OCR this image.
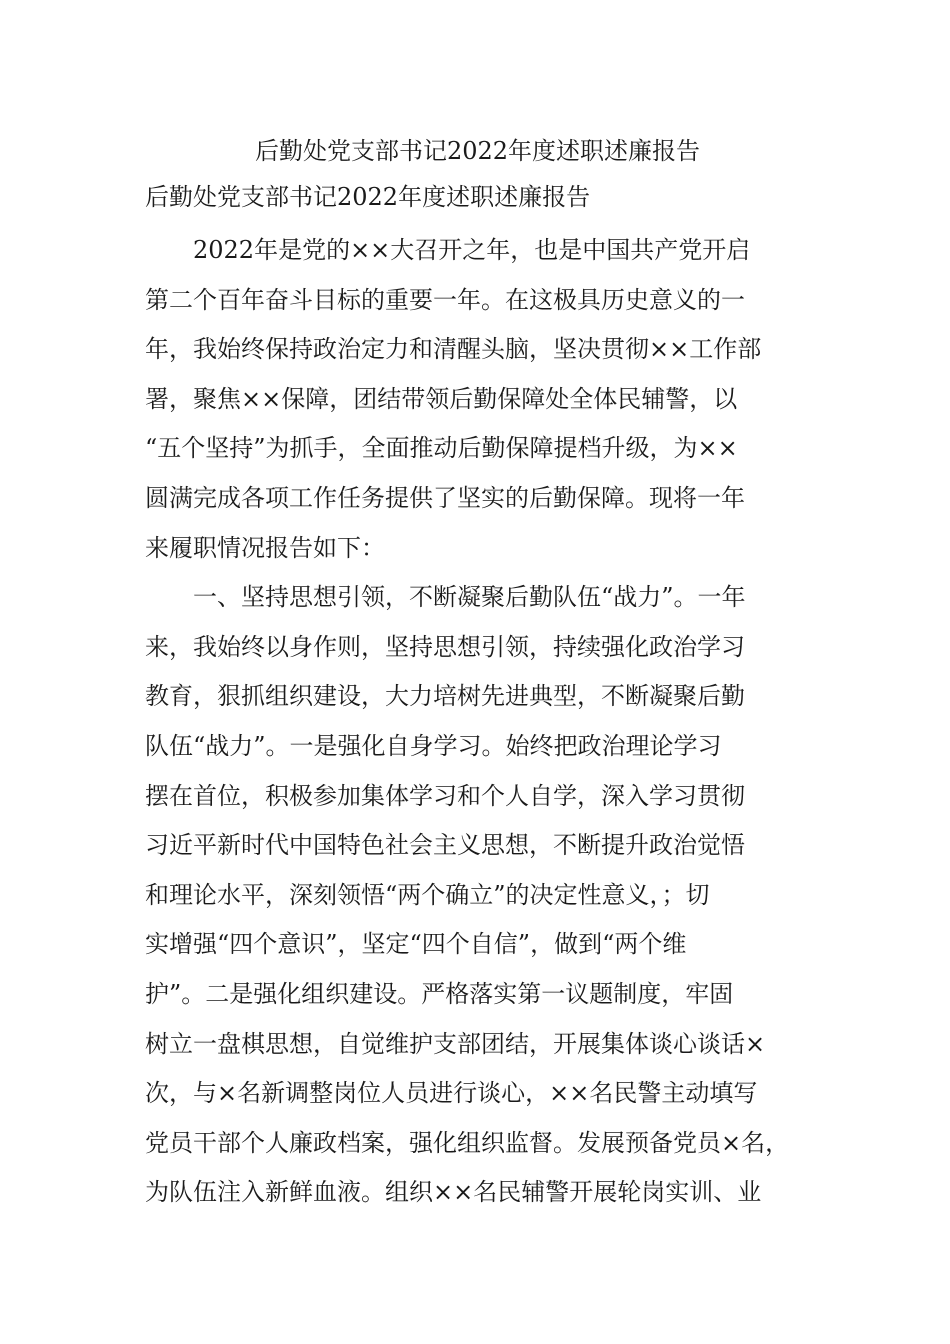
后勤处党支部书记2022年度述职述廉报告
后勤处党支部书记2022年度述职述廉报告

2022年是党的××大召开之年，也是中国共产党开启

第二个百年奋斗目标的重要一年。在这极具历史意义的一

年，我始终保持政治定力和清醒头脑，坚决贯彻××工作部

署，聚焦××保障，团结带领后勤保障处全体民辅警，以

“五个坚持”为抓手，全面推动后勤保障提档升级，为××

圆满完成各项工作任务提供了坚实的后勤保障。现将一年

来履职情况报告如下：

一、坚持思想引领，不断凝聚后勤队伍“战力”。一年

来，我始终以身作则，坚持思想引领，持续强化政治学习

教育，狠抓组织建设，大力培树先进典型，不断凝聚后勤

队伍“战力”。一是强化自身学习。始终把政治理论学习

摆在首位，积极参加集体学习和个人自学，深入学习贯彻

习近平新时代中国特色社会主义思想，不断提升政治觉悟

和理论水平，深刻领悟“两个确立”的决定性意义，；切

实增强“四个意识”，坚定“四个自信”，做到“两个维

护”。二是强化组织建设。严格落实第一议题制度，牢固

树立一盘棋思想，自觉维护支部团结，开展集体谈心谈话×

次，与×名新调整岗位人员进行谈心，××名民警主动填写

党员干部个人廉政档案，强化组织监督。发展预备党员×名，

为队伍注入新鲜血液。组织××名民辅警开展轮岗实训、业
